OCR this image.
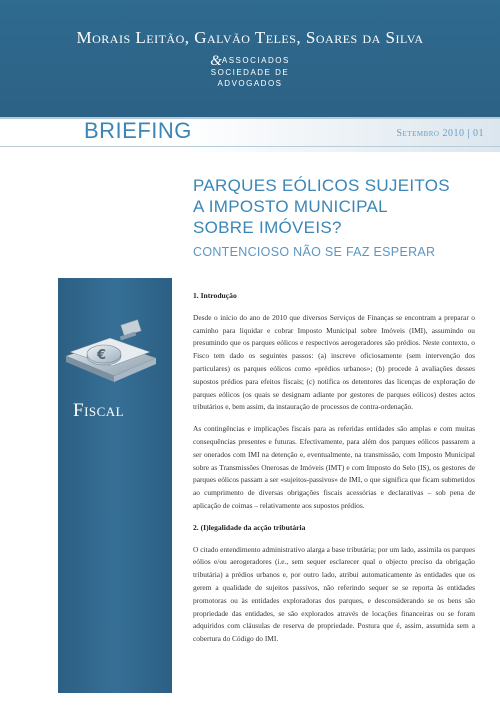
Morais Leitão, Galvão Teles, Soares da Silva
&ASSOCIADOS
SOCIEDADE DE
ADVOGADOS
BRIEFING	Setembro 2010 | 01
PARQUES EÓLICOS SUJEITOS
A IMPOSTO MUNICIPAL
SOBRE IMÓVEIS?
CONTENCIOSO NÃO SE FAZ ESPERAR
€
Fiscal
1. Introdução

Desde o início do ano de 2010 que diversos Serviços de Finanças se encontram a preparar o caminho para liquidar e cobrar Imposto Municipal sobre Imóveis (IMI), assumindo ou presumindo que os parques eólicos e respectivos aerogeradores são prédios. Neste contexto, o Fisco tem dado os seguintes passos: (a) inscreve oficiosamente (sem intervenção dos particulares) os parques eólicos como «prédios urbanos»; (b) procede à avaliações desses supostos prédios para efeitos fiscais; (c) notifica os detentores das licenças de exploração de parques eólicos (os quais se designam adiante por gestores de parques eólicos) destes actos tributários e, bem assim, da instauração de processos de contra-ordenação.

As contingências e implicações fiscais para as referidas entidades são amplas e com muitas consequências presentes e futuras. Efectivamente, para além dos parques eólicos passarem a ser onerados com IMI na detenção e, eventualmente, na transmissão, com Imposto Municipal sobre as Transmissões Onerosas de Imóveis (IMT) e com Imposto do Selo (IS), os gestores de parques eólicos passam a ser «sujeitos-passivos» de IMI, o que significa que ficam submetidos ao cumprimento de diversas obrigações fiscais acessórias e declarativas – sob pena de aplicação de coimas – relativamente aos supostos prédios.

2. (I)legalidade da acção tributária

O citado entendimento administrativo alarga a base tributária; por um lado, assimila os parques eólios e/ou aerogeradores (i.e., sem sequer esclarecer qual o objecto preciso da obrigação tributária) a prédios urbanos e, por outro lado, atribui automaticamente às entidades que os gerem a qualidade de sujeitos passivos, não referindo sequer se se reporta às entidades promotoras ou às entidades exploradoras dos parques, e desconsiderando se os bens são propriedade das entidades, se são explorados através de locações financeiras ou se foram adquiridos com cláusulas de reserva de propriedade. Postura que é, assim, assumida sem a cobertura do Código do IMI.
